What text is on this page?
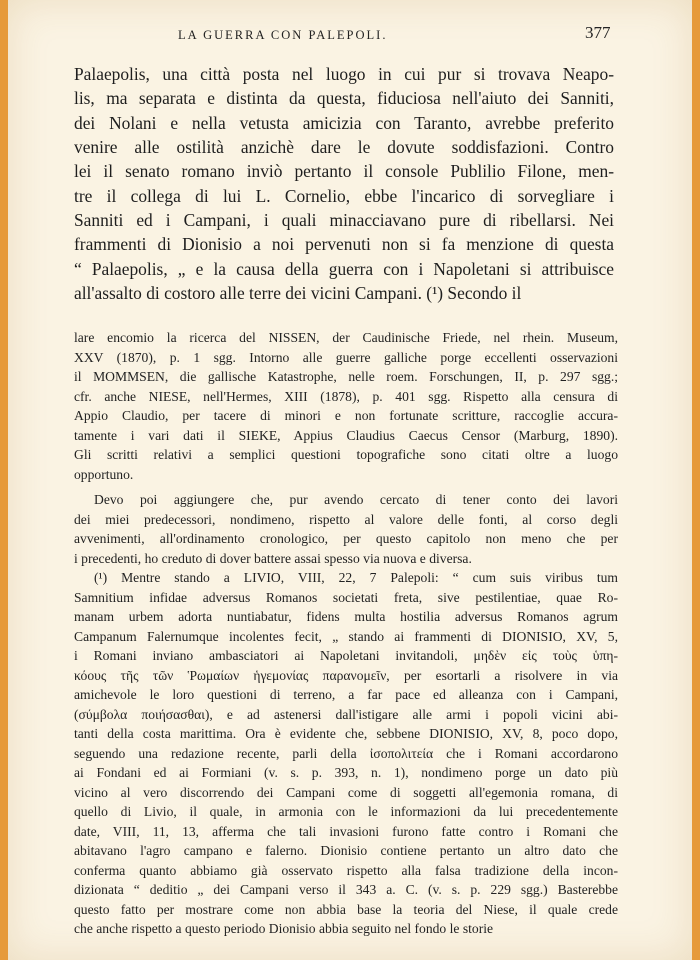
LA GUERRA CON PALEPOLI.	377

Palaepolis, una città posta nel luogo in cui pur si trovava Neapo-
lis, ma separata e distinta da questa, fiduciosa nell'aiuto dei Sanniti,
dei Nolani e nella vetusta amicizia con Taranto, avrebbe preferito
venire alle ostilità anzichè dare le dovute soddisfazioni. Contro
lei il senato romano inviò pertanto il console Publilio Filone, men-
tre il collega di lui L. Cornelio, ebbe l'incarico di sorvegliare i
Sanniti ed i Campani, i quali minacciavano pure di ribellarsi. Nei
frammenti di Dionisio a noi pervenuti non si fa menzione di questa
“ Palaepolis, „ e la causa della guerra con i Napoletani si attribuisce
all'assalto di costoro alle terre dei vicini Campani. (¹) Secondo il

lare encomio la ricerca del NISSEN, der Caudinische Friede, nel rhein. Museum,
XXV (1870), p. 1 sgg. Intorno alle guerre galliche porge eccellenti osservazioni
il MOMMSEN, die gallische Katastrophe, nelle roem. Forschungen, II, p. 297 sgg.;
cfr. anche NIESE, nell'Hermes, XIII (1878), p. 401 sgg. Rispetto alla censura di
Appio Claudio, per tacere di minori e non fortunate scritture, raccoglie accura-
tamente i vari dati il SIEKE, Appius Claudius Caecus Censor (Marburg, 1890).
Gli scritti relativi a semplici questioni topografiche sono citati oltre a luogo
opportuno.

Devo poi aggiungere che, pur avendo cercato di tener conto dei lavori
dei miei predecessori, nondimeno, rispetto al valore delle fonti, al corso degli
avvenimenti, all'ordinamento cronologico, per questo capitolo non meno che per
i precedenti, ho creduto di dover battere assai spesso via nuova e diversa.

(¹) Mentre stando a LIVIO, VIII, 22, 7 Palepoli: “ cum suis viribus tum
Samnitium infidae adversus Romanos societati freta, sive pestilentiae, quae Ro-
manam urbem adorta nuntiabatur, fidens multa hostilia adversus Romanos agrum
Campanum Falernumque incolentes fecit, „ stando ai frammenti di DIONISIO, XV, 5,
i Romani inviano ambasciatori ai Napoletani invitandoli, μηδὲν εἰς τοὺς ὑπη-
κόους τῆς τῶν Ῥωμαίων ἡγεμονίας παρανομεῖν, per esortarli a risolvere in via
amichevole le loro questioni di terreno, a far pace ed alleanza con i Campani,
(σύμβολα ποιήσασθαι), e ad astenersi dall'istigare alle armi i popoli vicini abi-
tanti della costa marittima. Ora è evidente che, sebbene DIONISIO, XV, 8, poco dopo,
seguendo una redazione recente, parli della ἰσοπολιτεία che i Romani accordarono
ai Fondani ed ai Formiani (v. s. p. 393, n. 1), nondimeno porge un dato più
vicino al vero discorrendo dei Campani come di soggetti all'egemonia romana, di
quello di Livio, il quale, in armonia con le informazioni da lui precedentemente
date, VIII, 11, 13, afferma che tali invasioni furono fatte contro i Romani che
abitavano l'agro campano e falerno. Dionisio contiene pertanto un altro dato che
conferma quanto abbiamo già osservato rispetto alla falsa tradizione della incon-
dizionata “ deditio „ dei Campani verso il 343 a. C. (v. s. p. 229 sgg.) Basterebbe
questo fatto per mostrare come non abbia base la teoria del Niese, il quale crede
che anche rispetto a questo periodo Dionisio abbia seguito nel fondo le storie
